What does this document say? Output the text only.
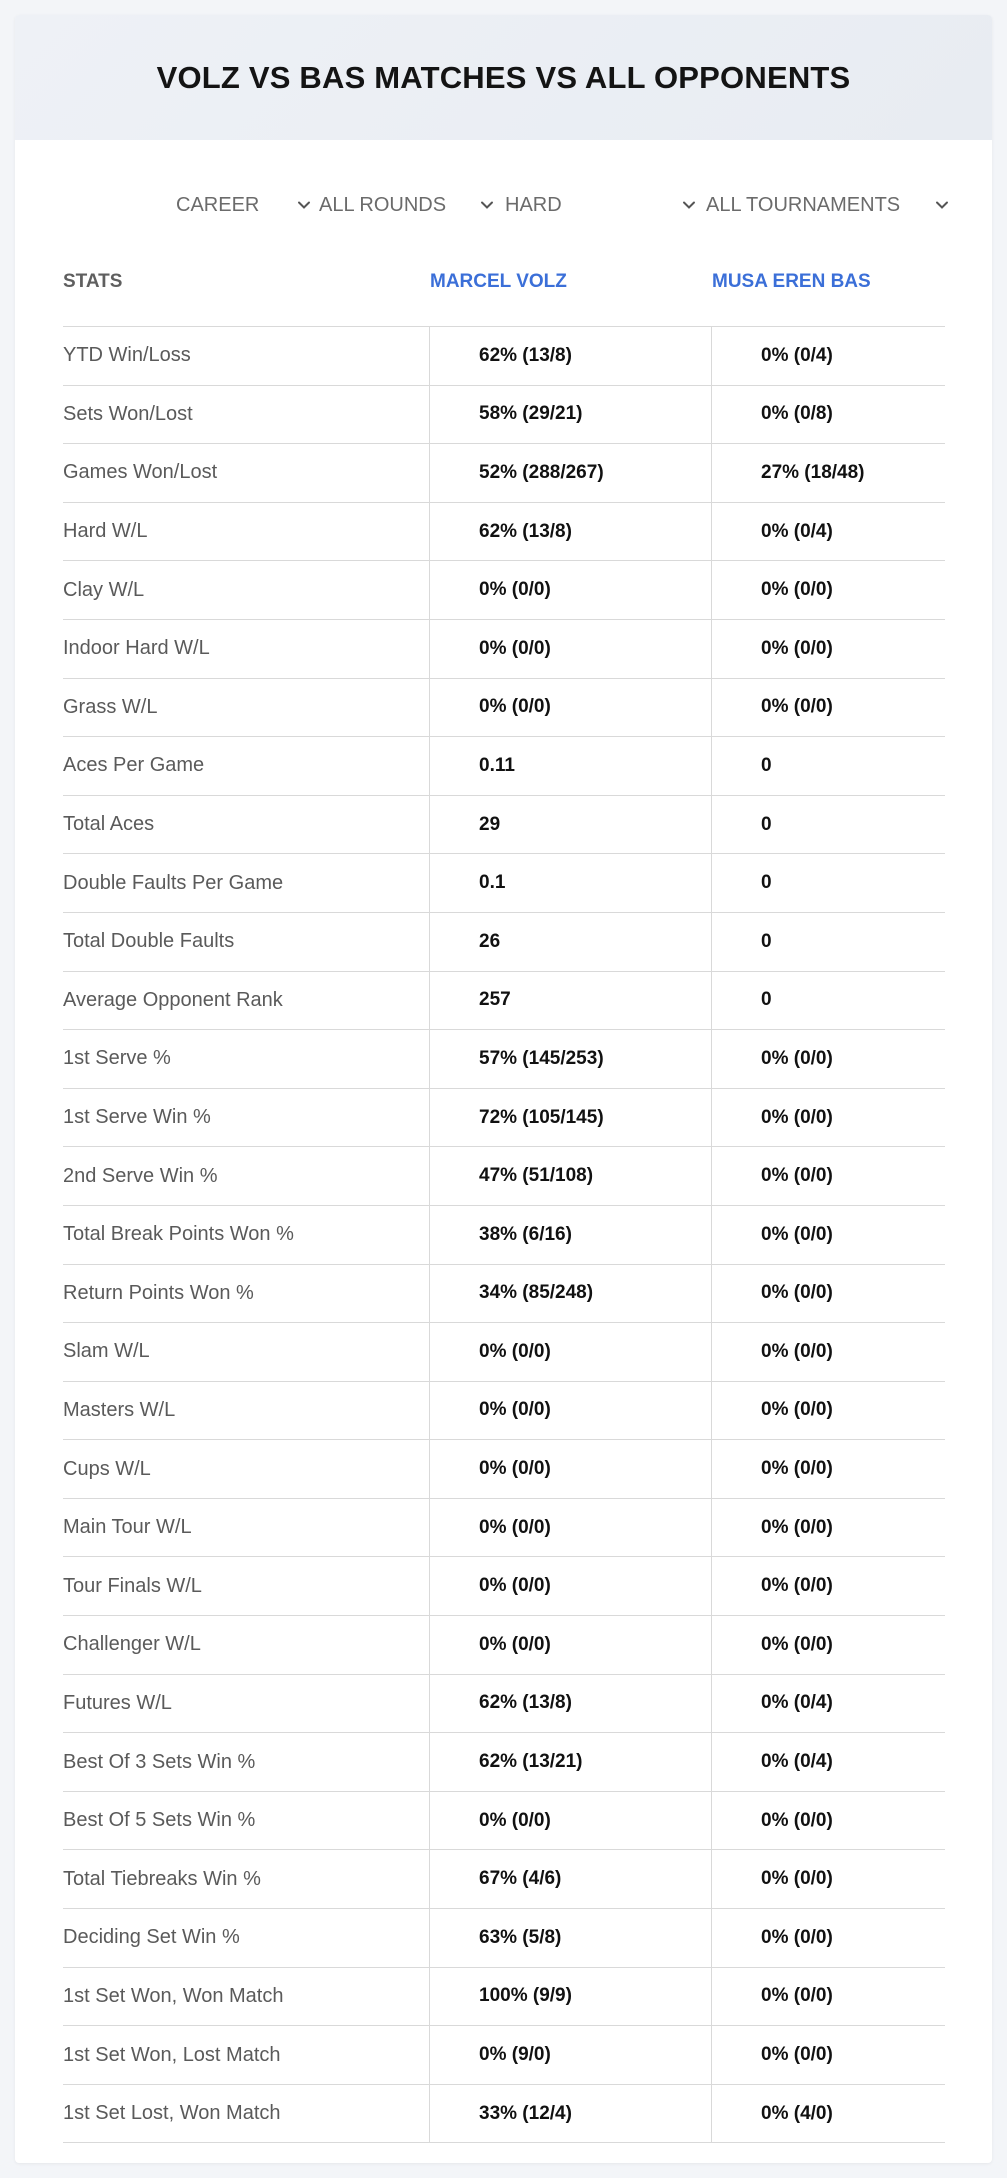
VOLZ VS BAS MATCHES VS ALL OPPONENTS
CAREER	ALL ROUNDS	HARD	ALL TOURNAMENTS
STATS	MARCEL VOLZ	MUSA EREN BAS
YTD Win/Loss	62% (13/8)	0% (0/4)
Sets Won/Lost	58% (29/21)	0% (0/8)
Games Won/Lost	52% (288/267)	27% (18/48)
Hard W/L	62% (13/8)	0% (0/4)
Clay W/L	0% (0/0)	0% (0/0)
Indoor Hard W/L	0% (0/0)	0% (0/0)
Grass W/L	0% (0/0)	0% (0/0)
Aces Per Game	0.11	0
Total Aces	29	0
Double Faults Per Game	0.1	0
Total Double Faults	26	0
Average Opponent Rank	257	0
1st Serve %	57% (145/253)	0% (0/0)
1st Serve Win %	72% (105/145)	0% (0/0)
2nd Serve Win %	47% (51/108)	0% (0/0)
Total Break Points Won %	38% (6/16)	0% (0/0)
Return Points Won %	34% (85/248)	0% (0/0)
Slam W/L	0% (0/0)	0% (0/0)
Masters W/L	0% (0/0)	0% (0/0)
Cups W/L	0% (0/0)	0% (0/0)
Main Tour W/L	0% (0/0)	0% (0/0)
Tour Finals W/L	0% (0/0)	0% (0/0)
Challenger W/L	0% (0/0)	0% (0/0)
Futures W/L	62% (13/8)	0% (0/4)
Best Of 3 Sets Win %	62% (13/21)	0% (0/4)
Best Of 5 Sets Win %	0% (0/0)	0% (0/0)
Total Tiebreaks Win %	67% (4/6)	0% (0/0)
Deciding Set Win %	63% (5/8)	0% (0/0)
1st Set Won, Won Match	100% (9/9)	0% (0/0)
1st Set Won, Lost Match	0% (9/0)	0% (0/0)
1st Set Lost, Won Match	33% (12/4)	0% (4/0)
